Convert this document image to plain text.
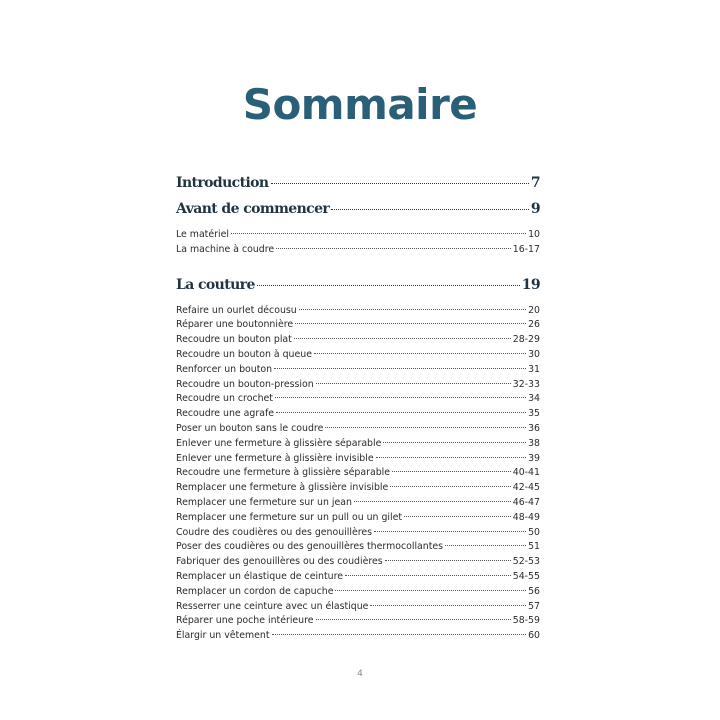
Sommaire
Introduction	7
Avant de commencer	9
Le matériel	10
La machine à coudre	16-17
La couture	19
Refaire un ourlet décousu	20
Réparer une boutonnière	26
Recoudre un bouton plat	28-29
Recoudre un bouton à queue	30
Renforcer un bouton	31
Recoudre un bouton-pression	32-33
Recoudre un crochet	34
Recoudre une agrafe	35
Poser un bouton sans le coudre	36
Enlever une fermeture à glissière séparable	38
Enlever une fermeture à glissière invisible	39
Recoudre une fermeture à glissière séparable	40-41
Remplacer une fermeture à glissière invisible	42-45
Remplacer une fermeture sur un jean	46-47
Remplacer une fermeture sur un pull ou un gilet	48-49
Coudre des coudières ou des genouillères	50
Poser des coudières ou des genouillères thermocollantes	51
Fabriquer des genouillères ou des coudières	52-53
Remplacer un élastique de ceinture	54-55
Remplacer un cordon de capuche	56
Resserrer une ceinture avec un élastique	57
Réparer une poche intérieure	58-59
Élargir un vêtement	60
4
